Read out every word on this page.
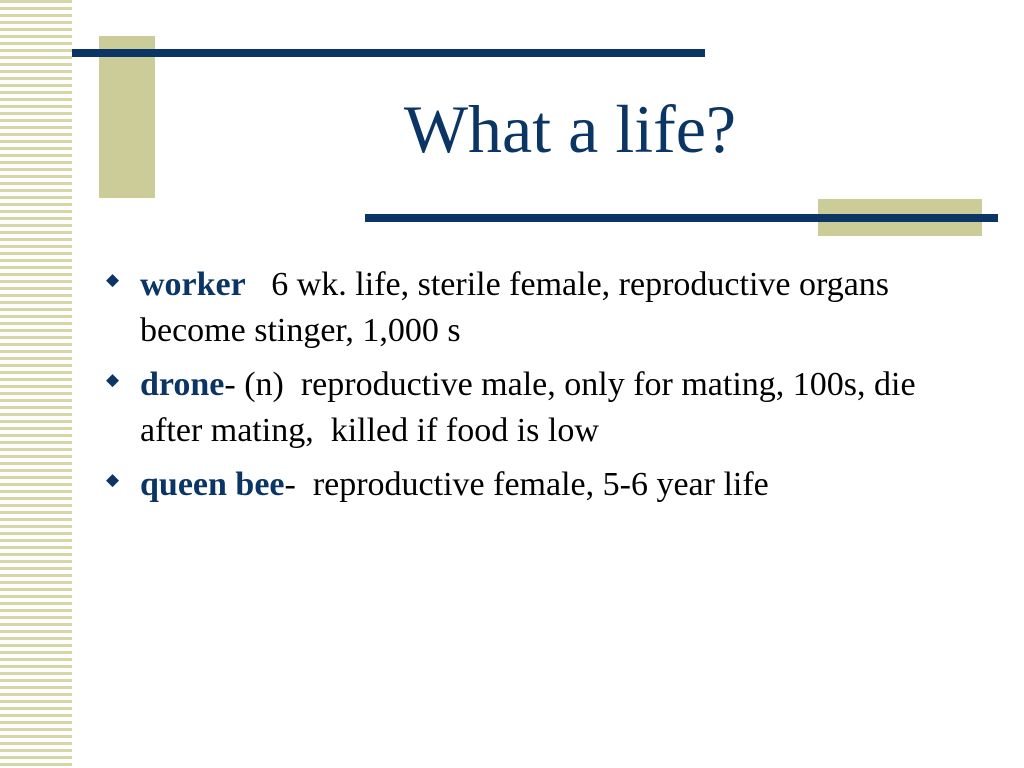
What a life?
◆ worker   6 wk. life, sterile female, reproductive organs become stinger, 1,000 s
◆ drone- (n)  reproductive male, only for mating, 100s, die after mating,  killed if food is low
◆ queen bee-  reproductive female, 5-6 year life
